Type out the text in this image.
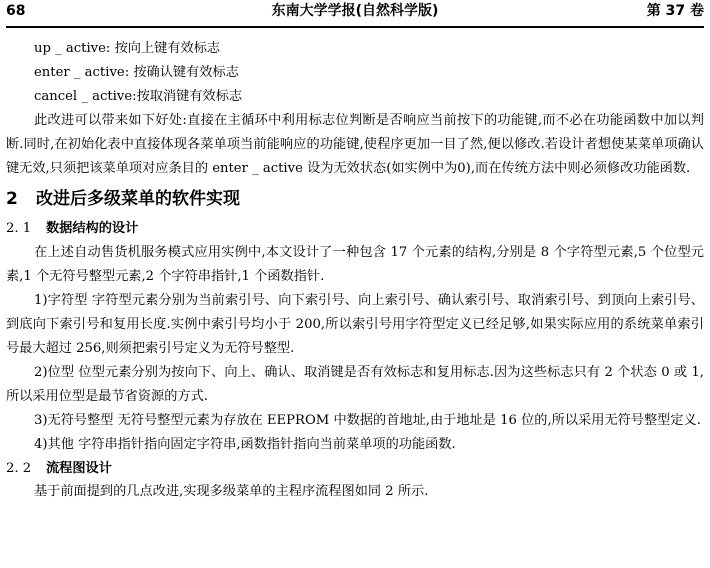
68	东南大学学报(自然科学版)	第 37 卷

up _ active: 按向上键有效标志

enter _ active: 按确认键有效标志

cancel _ active:按取消键有效标志

此改进可以带来如下好处:直接在主循环中利用标志位判断是否响应当前按下的功能键,而不必在功能函数中加以判断.同时,在初始化表中直接体现各菜单项当前能响应的功能键,使程序更加一目了然,便以修改.若设计者想使某菜单项确认键无效,只须把该菜单项对应条目的 enter _ active 设为无效状态(如实例中为0),而在传统方法中则必须修改功能函数.

2 改进后多级菜单的软件实现
2. 1 数据结构的设计

在上述自动售货机服务模式应用实例中,本文设计了一种包含 17 个元素的结构,分别是 8 个字符型元素,5 个位型元素,1 个无符号整型元素,2 个字符串指针,1 个函数指针.

1)字符型 字符型元素分别为当前索引号、向下索引号、向上索引号、确认索引号、取消索引号、到顶向上索引号、到底向下索引号和复用长度.实例中索引号均小于 200,所以索引号用字符型定义已经足够,如果实际应用的系统菜单索引号最大超过 256,则须把索引号定义为无符号整型.

2)位型 位型元素分别为按向下、向上、确认、取消键是否有效标志和复用标志.因为这些标志只有 2 个状态 0 或 1,所以采用位型是最节省资源的方式.

3)无符号整型 无符号整型元素为存放在 EEPROM 中数据的首地址,由于地址是 16 位的,所以采用无符号整型定义.

4)其他 字符串指针指向固定字符串,函数指针指向当前菜单项的功能函数.

2. 2 流程图设计

基于前面提到的几点改进,实现多级菜单的主程序流程图如同 2 所示.
